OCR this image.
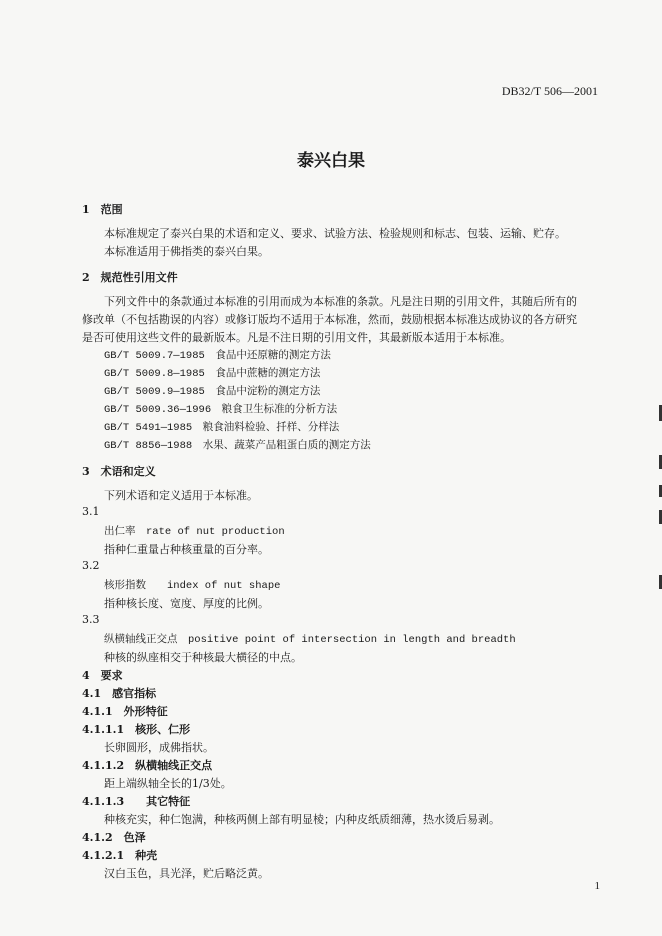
DB32/T 506—2001
泰兴白果
1　范围
本标准规定了泰兴白果的术语和定义、要求、试验方法、检验规则和标志、包装、运输、贮存。
本标准适用于佛指类的泰兴白果。
2　规范性引用文件
下列文件中的条款通过本标准的引用而成为本标准的条款。凡是注日期的引用文件，其随后所有的
修改单（不包括勘误的内容）或修订版均不适用于本标准，然而，鼓励根据本标准达成协议的各方研究
是否可使用这些文件的最新版本。凡是不注日期的引用文件，其最新版本适用于本标准。
GB/T 5009.7—1985　食品中还原糖的测定方法
GB/T 5009.8—1985　食品中蔗糖的测定方法
GB/T 5009.9—1985　食品中淀粉的测定方法
GB/T 5009.36—1996　粮食卫生标准的分析方法
GB/T 5491—1985　粮食油料检验、扦样、分样法
GB/T 8856—1988　水果、蔬菜产品粗蛋白质的测定方法
3　术语和定义
下列术语和定义适用于本标准。
3.1
出仁率　rate of nut production
指种仁重量占种核重量的百分率。
3.2
核形指数　　index of nut shape
指种核长度、宽度、厚度的比例。
3.3
纵横轴线正交点　positive point of intersection in length and breadth
种核的纵座相交于种核最大横径的中点。
4　要求
4.1　感官指标
4.1.1　外形特征
4.1.1.1　核形、仁形
长卵圆形，成佛指状。
4.1.1.2　纵横轴线正交点
距上端纵轴全长的1/3处。
4.1.1.3　　其它特征
种核充实，种仁饱满，种核两侧上部有明显棱；内种皮纸质细薄，热水烫后易剥。
4.1.2　色泽
4.1.2.1　种壳
汉白玉色，具光泽，贮后略泛黄。
1
